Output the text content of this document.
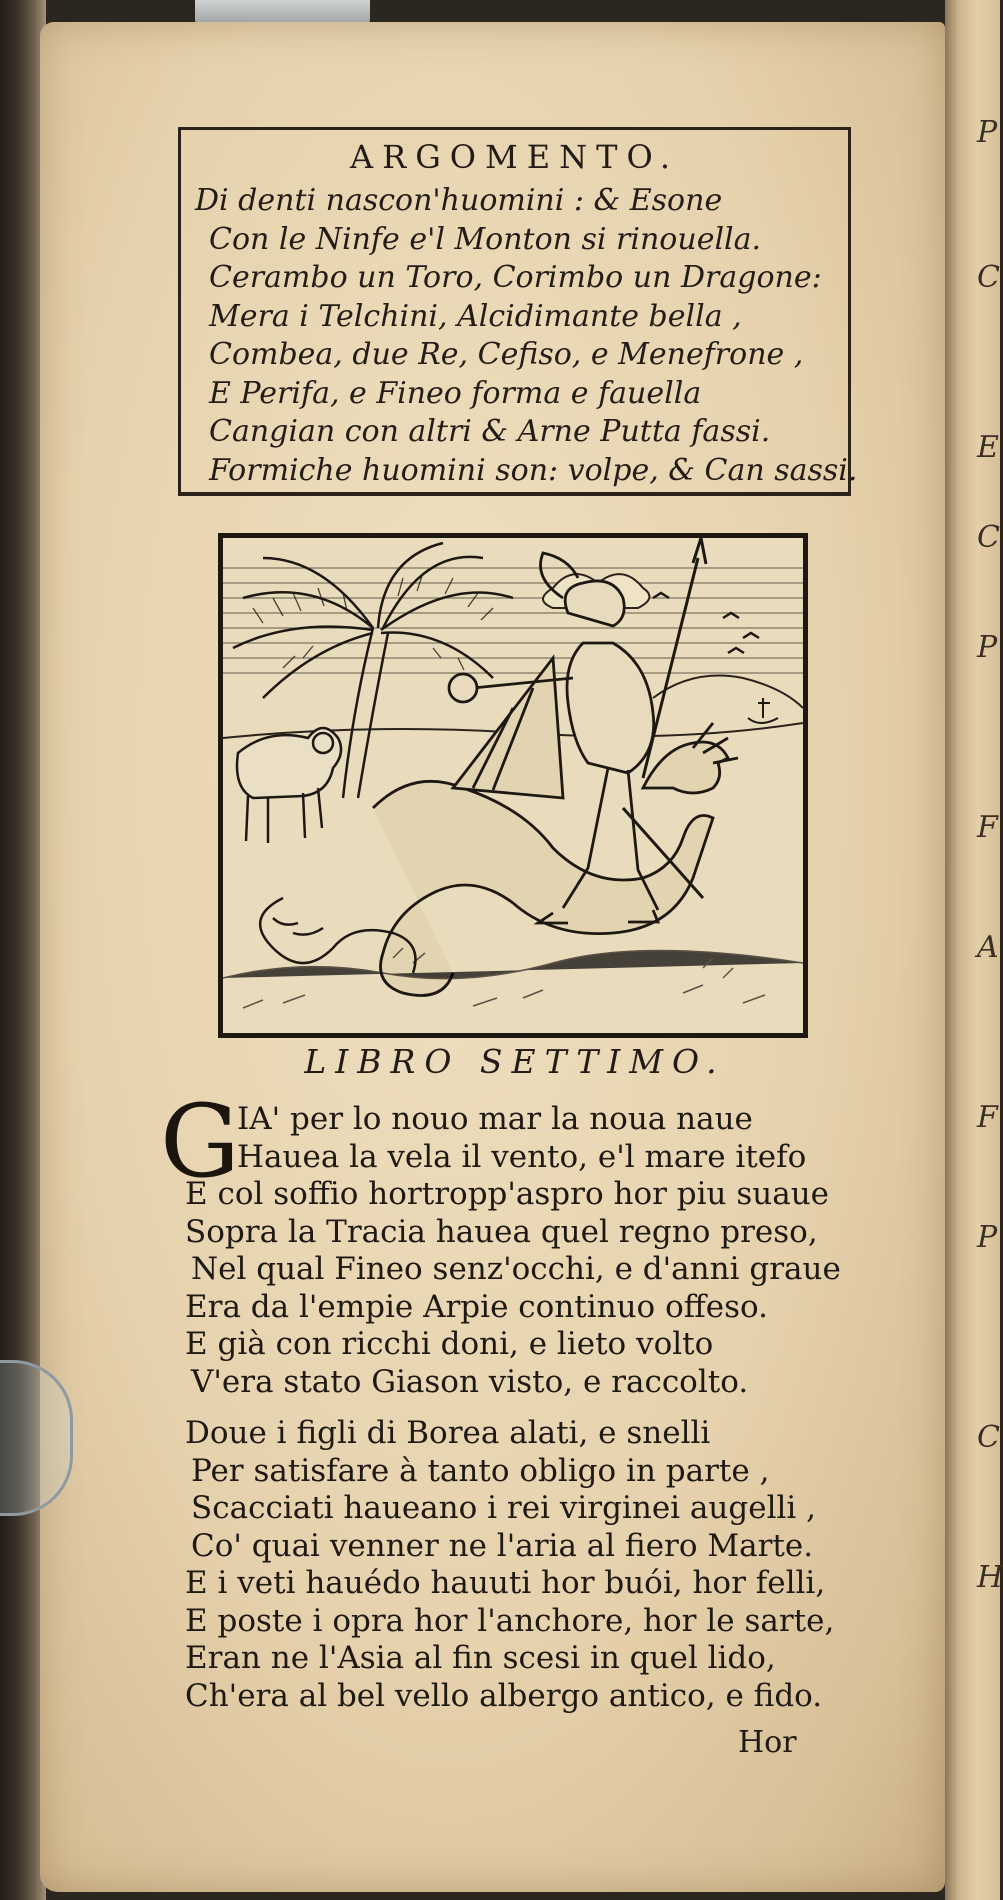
P
C
E
C
P
F
A
F
P
C
H
ARGOMENTO.
Di denti nascon'huomini : & Esone
Con le Ninfe e'l Monton si rinouella.
Cerambo un Toro, Corimbo un Dragone:
Mera i Telchini, Alcidimante bella ,
Combea, due Re, Cefiso, e Menefrone ,
E Perifa, e Fineo forma e fauella
Cangian con altri & Arne Putta fassi.
Formiche huomini son: volpe, & Can sassi.
LIBRO SETTIMO.
G
IA' per lo nouo mar la noua naue
Hauea la vela il vento, e'l mare itefo
E col soffio hortropp'aspro hor piu suaue
Sopra la Tracia hauea quel regno preso,
Nel qual Fineo senz'occhi, e d'anni graue
Era da l'empie Arpie continuo offeso.
E già con ricchi doni, e lieto volto
V'era stato Giason visto, e raccolto.
Doue i figli di Borea alati, e snelli
Per satisfare à tanto obligo in parte ,
Scacciati haueano i rei virginei augelli ,
Co' quai venner ne l'aria al fiero Marte.
E i veti hauédo hauuti hor buói, hor felli,
E poste i opra hor l'anchore, hor le sarte,
Eran ne l'Asia al fin scesi in quel lido,
Ch'era al bel vello albergo antico, e fido.
Hor
